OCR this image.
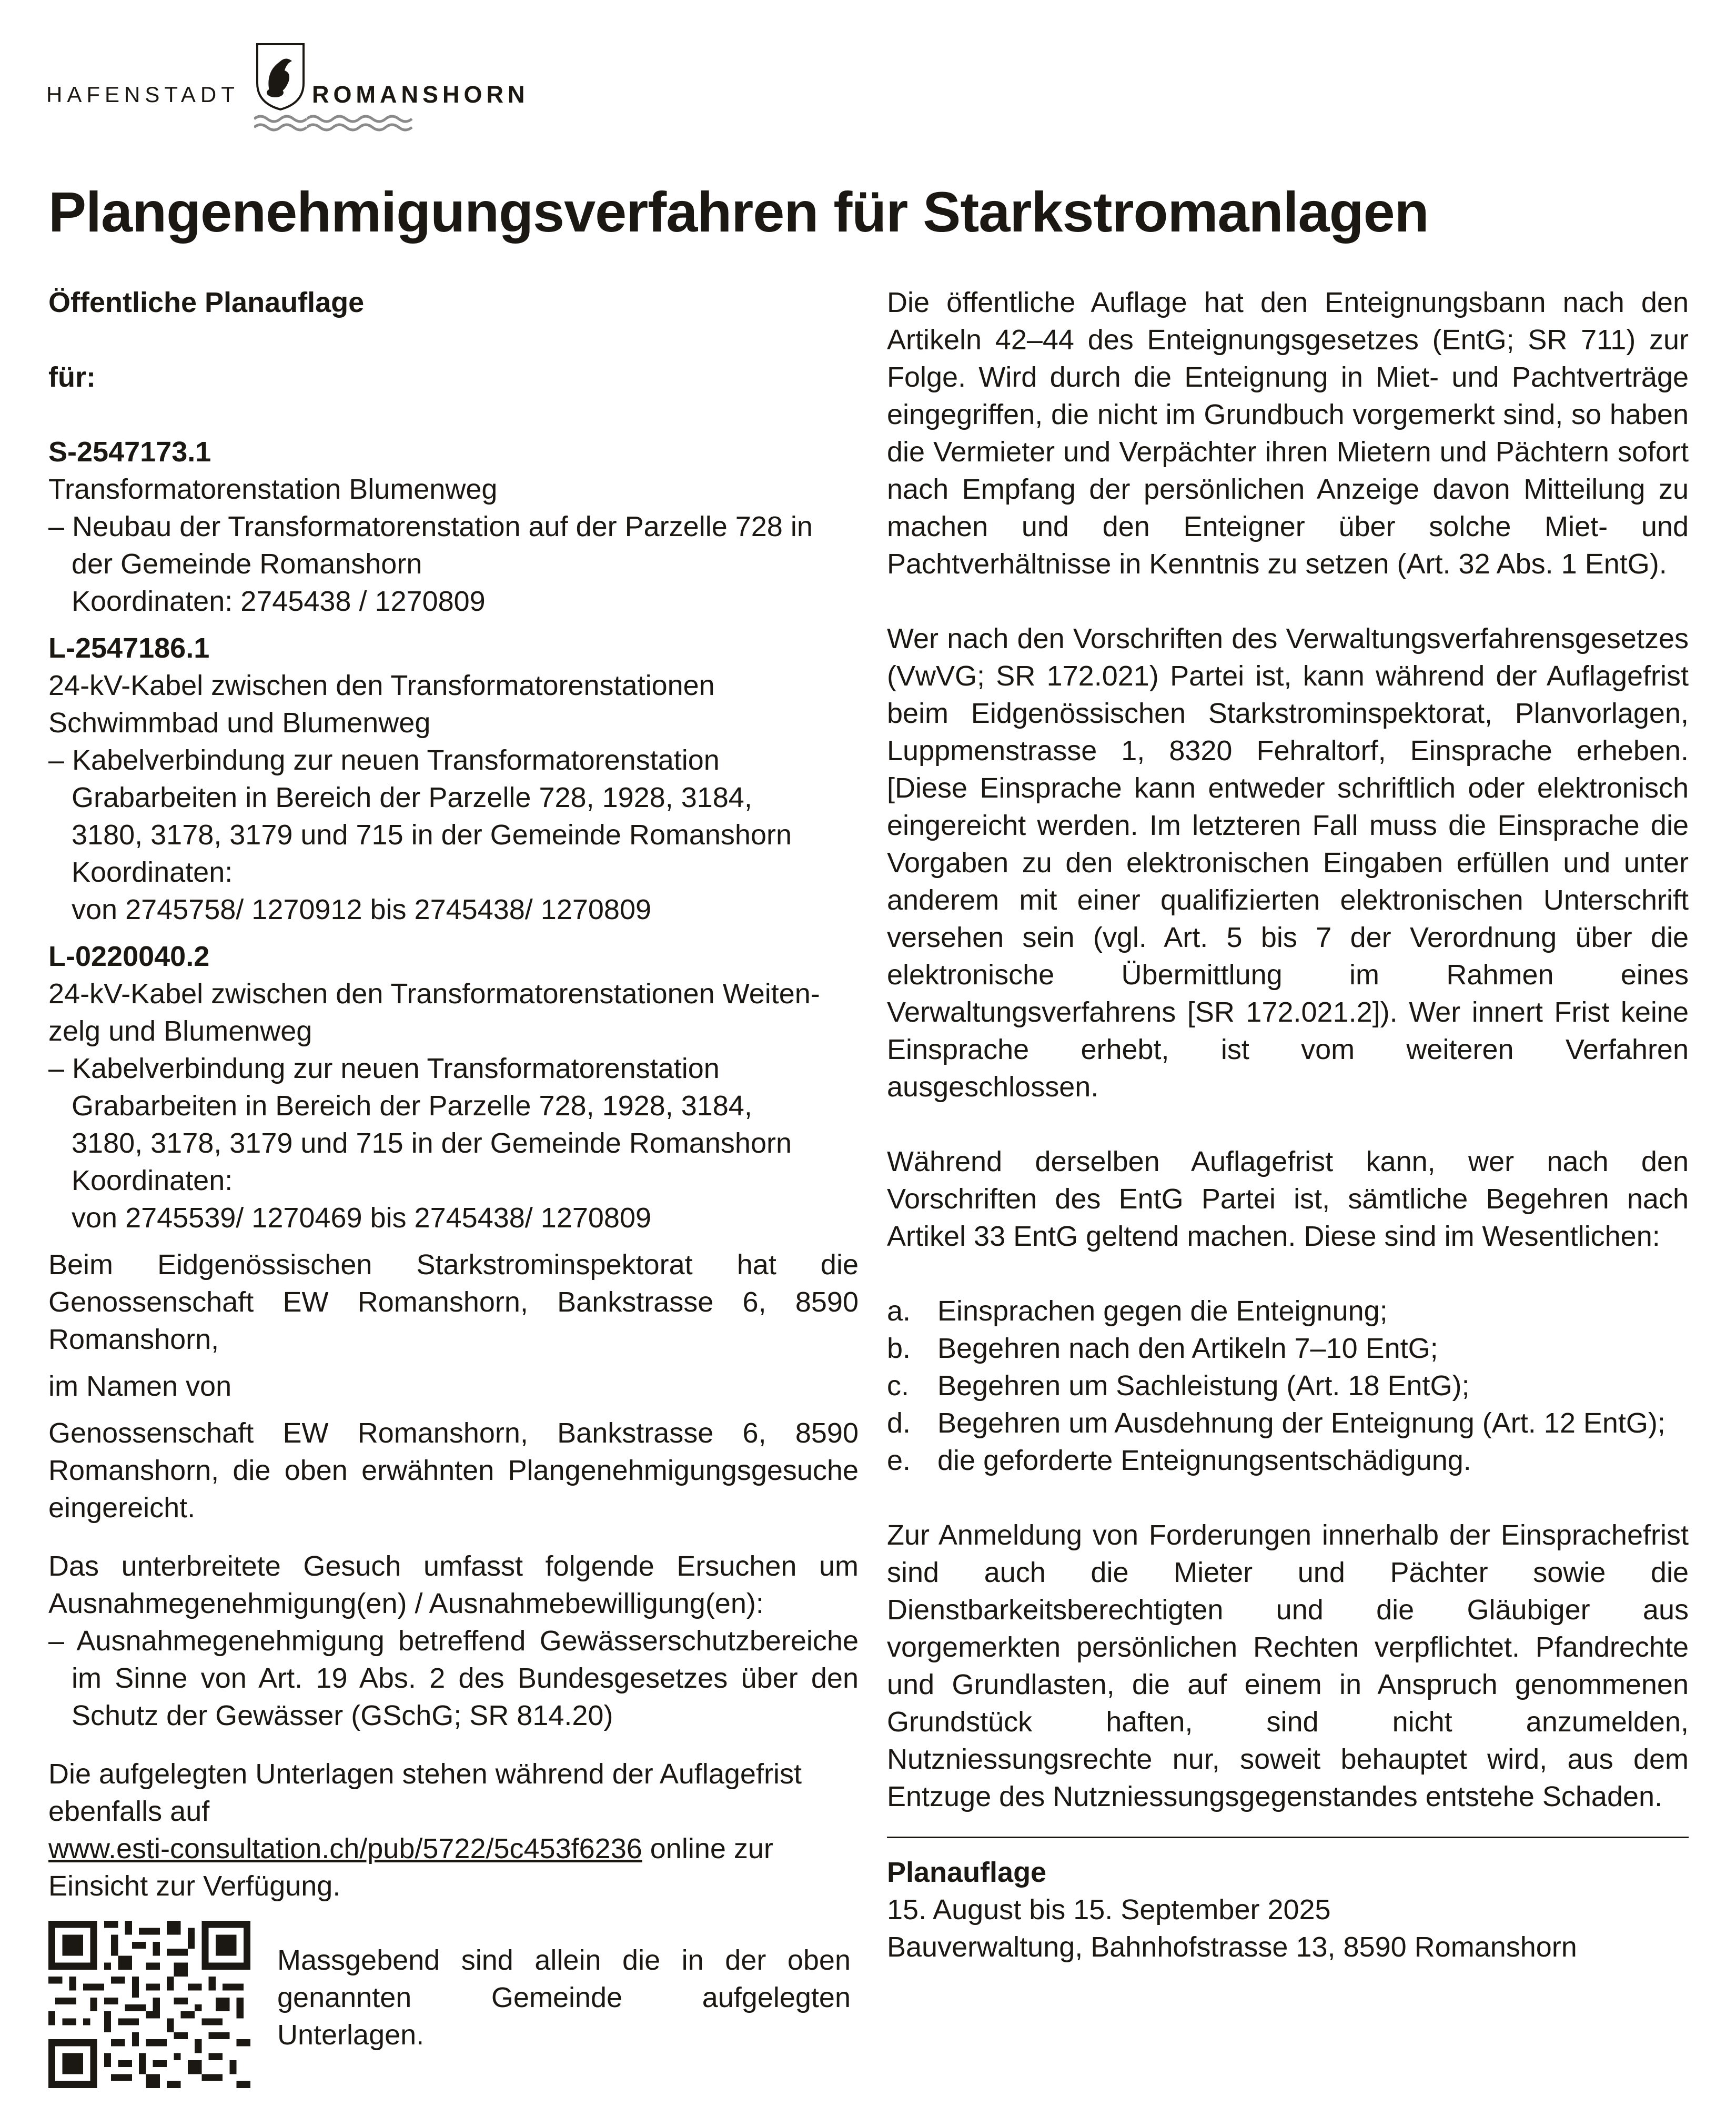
HAFENSTADT	ROMANSHORN
Plangenehmigungsverfahren für Starkstromanlagen

Öffentliche Planauflage

für:

S-2547173.1

Transformatorenstation Blumenweg

– Neubau der Transformatorenstation auf der Parzelle 728 in

der Gemeinde Romanshorn

Koordinaten: 2745438 / 1270809

L-2547186.1

24-kV-Kabel zwischen den Transformatorenstationen

Schwimmbad und Blumenweg

– Kabelverbindung zur neuen Transformatorenstation

Grabarbeiten in Bereich der Parzelle 728, 1928, 3184,

3180, 3178, 3179 und 715 in der Gemeinde Romanshorn

Koordinaten:

von 2745758/ 1270912 bis 2745438/ 1270809

L-0220040.2

24-kV-Kabel zwischen den Transformatorenstationen Weiten-

zelg und Blumenweg

– Kabelverbindung zur neuen Transformatorenstation

Grabarbeiten in Bereich der Parzelle 728, 1928, 3184,

3180, 3178, 3179 und 715 in der Gemeinde Romanshorn

Koordinaten:

von 2745539/ 1270469 bis 2745438/ 1270809

Beim Eidgenössischen Starkstrominspektorat hat die Genossenschaft EW Romanshorn, Bankstrasse 6, 8590 Romanshorn,

im Namen von

Genossenschaft EW Romanshorn, Bankstrasse 6, 8590 Romanshorn, die oben erwähnten Plangenehmigungsgesuche eingereicht.

Das unterbreitete Gesuch umfasst folgende Ersuchen um Ausnahmegenehmigung(en) / Ausnahmebewilligung(en):

– Ausnahmegenehmigung betreffend Gewässerschutzbereiche im Sinne von Art. 19 Abs. 2 des Bundesgesetzes über den Schutz der Gewässer (GSchG; SR 814.20)

Die aufgelegten Unterlagen stehen während der Auflagefrist ebenfalls auf
www.esti-consultation.ch/pub/5722/5c453f6236 online zur Einsicht zur Verfügung.

Massgebend sind allein die in der oben genannten Gemeinde aufgelegten Unterlagen.

Die öffentliche Auflage hat den Enteignungsbann nach den Artikeln 42–44 des Enteignungsgesetzes (EntG; SR 711) zur Folge. Wird durch die Enteignung in Miet- und Pachtverträge eingegriffen, die nicht im Grundbuch vorgemerkt sind, so haben die Vermieter und Verpächter ihren Mietern und Pächtern sofort nach Empfang der persönlichen Anzeige davon Mitteilung zu machen und den Enteigner über solche Miet- und Pachtverhältnisse in Kenntnis zu setzen (Art. 32 Abs. 1 EntG).

Wer nach den Vorschriften des Verwaltungsverfahrensgesetzes (VwVG; SR 172.021) Partei ist, kann während der Auflagefrist beim Eidgenössischen Starkstrominspektorat, Planvorlagen, Luppmenstrasse 1, 8320 Fehraltorf, Einsprache erheben. [Diese Einsprache kann entweder schriftlich oder elektronisch eingereicht werden. Im letzteren Fall muss die Einsprache die Vorgaben zu den elektronischen Eingaben erfüllen und unter anderem mit einer qualifizierten elektronischen Unterschrift versehen sein (vgl. Art. 5 bis 7 der Verordnung über die elektronische Übermittlung im Rahmen eines Verwaltungsverfahrens [SR 172.021.2]). Wer innert Frist keine Einsprache erhebt, ist vom weiteren Verfahren ausgeschlossen.

Während derselben Auflagefrist kann, wer nach den Vorschriften des EntG Partei ist, sämtliche Begehren nach Artikel 33 EntG geltend machen. Diese sind im Wesentlichen:

a. Einsprachen gegen die Enteignung;
b. Begehren nach den Artikeln 7–10 EntG;
c. Begehren um Sachleistung (Art. 18 EntG);
d. Begehren um Ausdehnung der Enteignung (Art. 12 EntG);
e. die geforderte Enteignungsentschädigung.

Zur Anmeldung von Forderungen innerhalb der Einsprachefrist sind auch die Mieter und Pächter sowie die Dienstbarkeitsberechtigten und die Gläubiger aus vorgemerkten persönlichen Rechten verpflichtet. Pfandrechte und Grundlasten, die auf einem in Anspruch genommenen Grundstück haften, sind nicht anzumelden, Nutzniessungsrechte nur, soweit behauptet wird, aus dem Entzuge des Nutzniessungsgegenstandes entstehe Schaden.

Planauflage

15. August bis 15. September 2025

Bauverwaltung, Bahnhofstrasse 13, 8590 Romanshorn
